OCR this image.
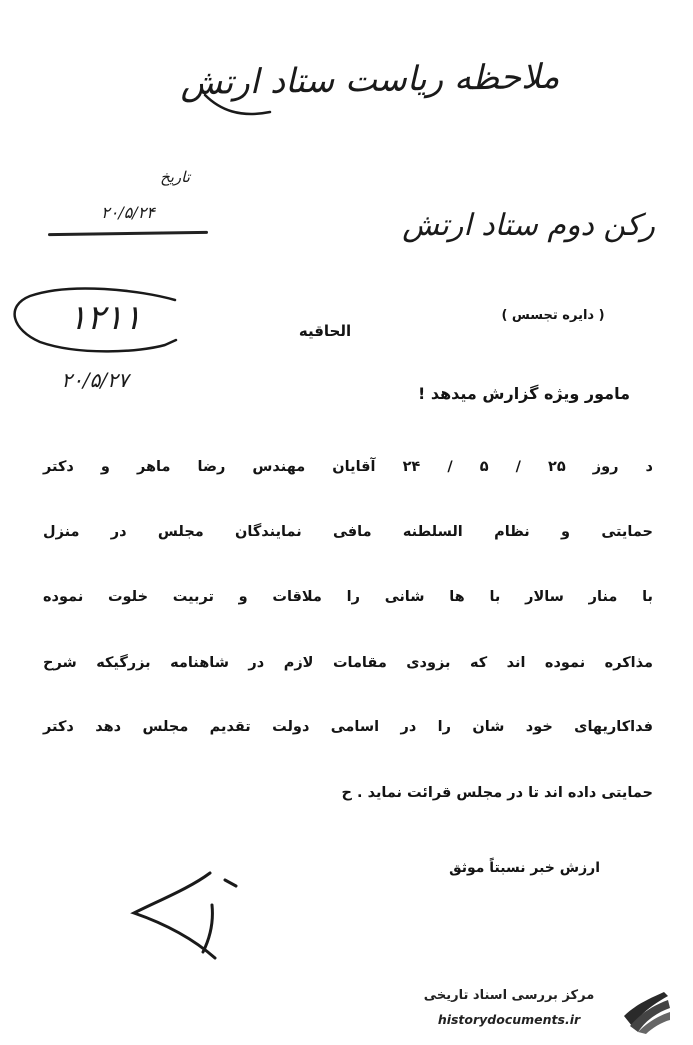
ملاحظه ریاست ستاد ارتش
تاریخ
۲۰/۵/۲۴	رکن دوم ستاد ارتش
( دایره تجسس )
۱۲۱۱
۲۰/۵/۲۷
الحاقیه
مامور ویژه گزارش میدهد !
د روز ۲۵ / ۵ / ۲۴ آقایان مهندس رضا ماهر و دکتر
حمایتی و نظام السلطنه مافی نمایندگان مجلس در منزل
با منار سالار با ها شانی را ملاقات و تربیت خلوت نموده
مذاکره نموده اند که بزودی مقامات لازم در شاهنامه بزرگیکه شرح
فداکاریهای خود شان را در اسامی دولت تقدیم مجلس دهد دکتر
حمایتی داده اند تا در مجلس قرائت نماید . ح
ارزش خبر نسبتاً موثق
مرکز بررسی اسناد تاریخی
historydocuments.ir
